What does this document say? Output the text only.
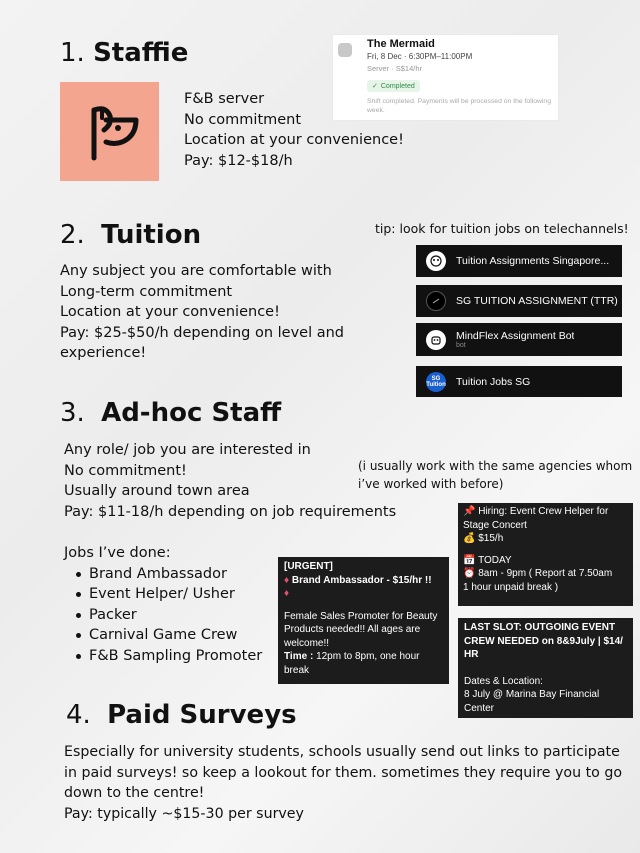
1. Staffie
F&B server
No commitment
Location at your convenience!
Pay: $12-$18/h
The Mermaid
Fri, 8 Dec · 6:30PM–11:00PM
Server · S$14/hr
✓ Completed
Shift completed. Payments will be processed on the following week.
2. Tuition
Any subject you are comfortable with
Long-term commitment
Location at your convenience!
Pay: $25-$50/h depending on level and
experience!
tip: look for tuition jobs on telechannels!
Tuition Assignments Singapore...
SG TUITION ASSIGNMENT (TTR)
MindFlex Assignment Bot
bot
SG Tuition Tuition Jobs SG
3. Ad-hoc Staff
Any role/ job you are interested in
No commitment!
Usually around town area
Pay: $11-18/h depending on job requirements
(i usually work with the same agencies whom
i’ve worked with before)
Jobs I’ve done:
Brand Ambassador
Event Helper/ Usher
Packer
Carnival Game Crew
F&B Sampling Promoter
[URGENT]
♦ Brand Ambassador - $15/hr !!
♦
Female Sales Promoter for Beauty
Products needed!! All ages are
welcome!!
Time : 12pm to 8pm, one hour
break
📌 Hiring: Event Crew Helper for
Stage Concert
💰 $15/h
📅 TODAY
⏰ 8am - 9pm ( Report at 7.50am
1 hour unpaid break )
LAST SLOT: OUTGOING EVENT
CREW NEEDED on 8&9July | $14/
HR
Dates & Location:
8 July @ Marina Bay Financial
Center
4. Paid Surveys
Especially for university students, schools usually send out links to participate
in paid surveys! so keep a lookout for them. sometimes they require you to go
down to the centre!
Pay: typically ~$15-30 per survey
